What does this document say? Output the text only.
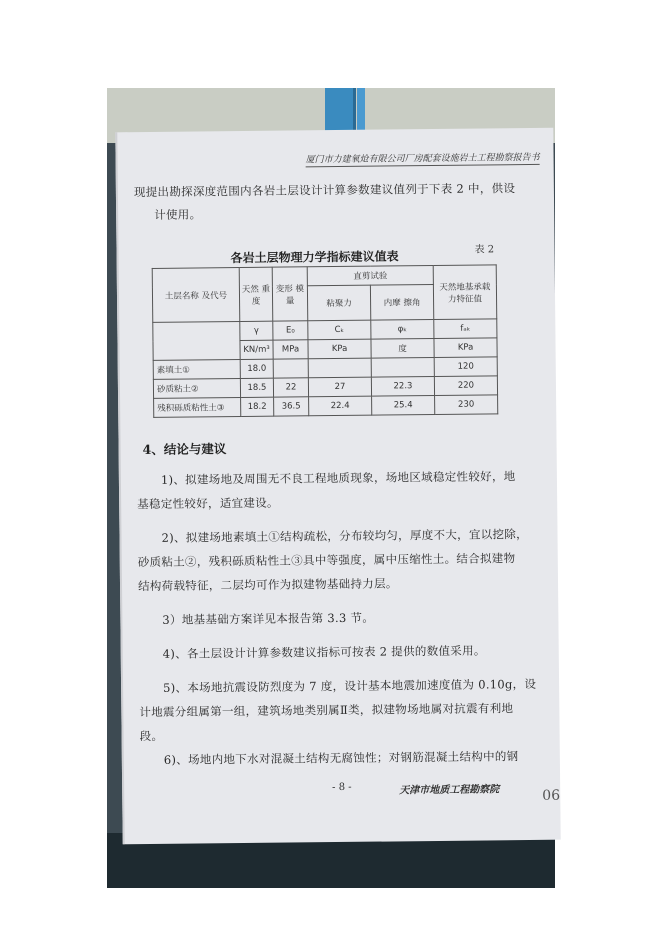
厦门市力建氧炝有限公司厂房配套设施岩土工程勘察报告书
现提出勘探深度范围内各岩土层设计计算参数建议值列于下表 2 中，供设
计使用。
各岩土层物理力学指标建议值表	表 2
土层名称 及代号	天然 重度	变形 模量	直剪试验		天然地基承载 力特征值
			粘聚力	内摩 擦角	
	γ	E₀	Cₖ	φₖ	fₐₖ
	KN/m³	MPa	KPa	度	KPa
素填土①	18.0				120
砂质粘土②	18.5	22	27	22.3	220
残积砾质粘性土③	18.2	36.5	22.4	25.4	230
4、结论与建议
1)、拟建场地及周围无不良工程地质现象，场地区域稳定性较好，地
基稳定性较好，适宜建设。
2)、拟建场地素填土①结构疏松，分布较均匀，厚度不大，宜以挖除，
砂质粘土②，残积砾质粘性土③具中等强度，属中压缩性土。结合拟建物
结构荷载特征，二层均可作为拟建物基础持力层。
3）地基基础方案详见本报告第 3.3 节。
4)、各土层设计计算参数建议指标可按表 2 提供的数值采用。
5)、本场地抗震设防烈度为 7 度，设计基本地震加速度值为 0.10g，设
计地震分组属第一组，建筑场地类别属Ⅱ类，拟建物场地属对抗震有利地
段。
6)、场地内地下水对混凝土结构无腐蚀性；对钢筋混凝土结构中的钢
- 8 -	天津市地质工程勘察院	06
